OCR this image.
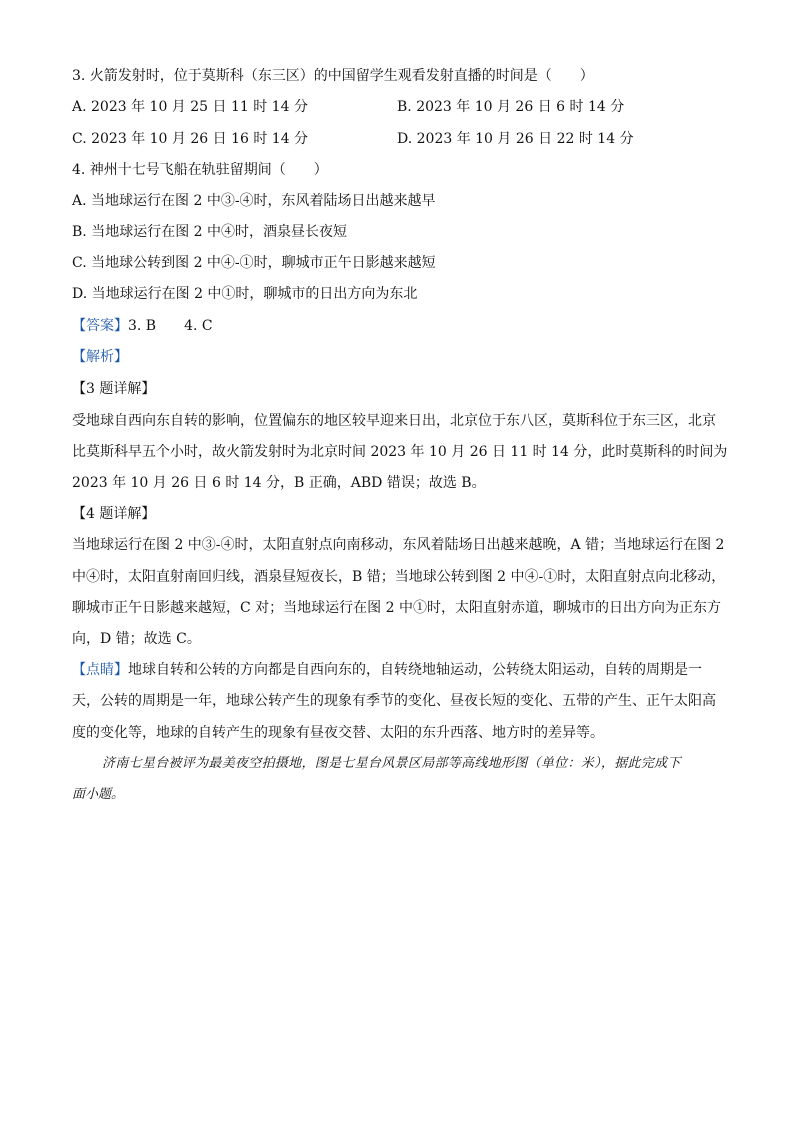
3. 火箭发射时，位于莫斯科（东三区）的中国留学生观看发射直播的时间是（　　）
A. 2023 年 10 月 25 日 11 时 14 分	B. 2023 年 10 月 26 日 6 时 14 分
C. 2023 年 10 月 26 日 16 时 14 分	D. 2023 年 10 月 26 日 22 时 14 分
4. 神州十七号飞船在轨驻留期间（　　）
A. 当地球运行在图 2 中③-④时，东风着陆场日出越来越早
B. 当地球运行在图 2 中④时，酒泉昼长夜短
C. 当地球公转到图 2 中④-①时，聊城市正午日影越来越短
D. 当地球运行在图 2 中①时，聊城市的日出方向为东北
【答案】3. B　　4. C
【解析】
【3 题详解】
受地球自西向东自转的影响，位置偏东的地区较早迎来日出，北京位于东八区，莫斯科位于东三区，北京
比莫斯科早五个小时，故火箭发射时为北京时间 2023 年 10 月 26 日 11 时 14 分，此时莫斯科的时间为
2023 年 10 月 26 日 6 时 14 分，B 正确，ABD 错误；故选 B。
【4 题详解】
当地球运行在图 2 中③-④时，太阳直射点向南移动，东风着陆场日出越来越晚，A 错；当地球运行在图 2
中④时，太阳直射南回归线，酒泉昼短夜长，B 错；当地球公转到图 2 中④-①时，太阳直射点向北移动，
聊城市正午日影越来越短，C 对；当地球运行在图 2 中①时，太阳直射赤道，聊城市的日出方向为正东方
向，D 错；故选 C。
【点睛】地球自转和公转的方向都是自西向东的，自转绕地轴运动，公转绕太阳运动，自转的周期是一
天，公转的周期是一年，地球公转产生的现象有季节的变化、昼夜长短的变化、五带的产生、正午太阳高
度的变化等，地球的自转产生的现象有昼夜交替、太阳的东升西落、地方时的差异等。
济南七星台被评为最美夜空拍摄地，图是七星台风景区局部等高线地形图（单位：米），据此完成下
面小题。
